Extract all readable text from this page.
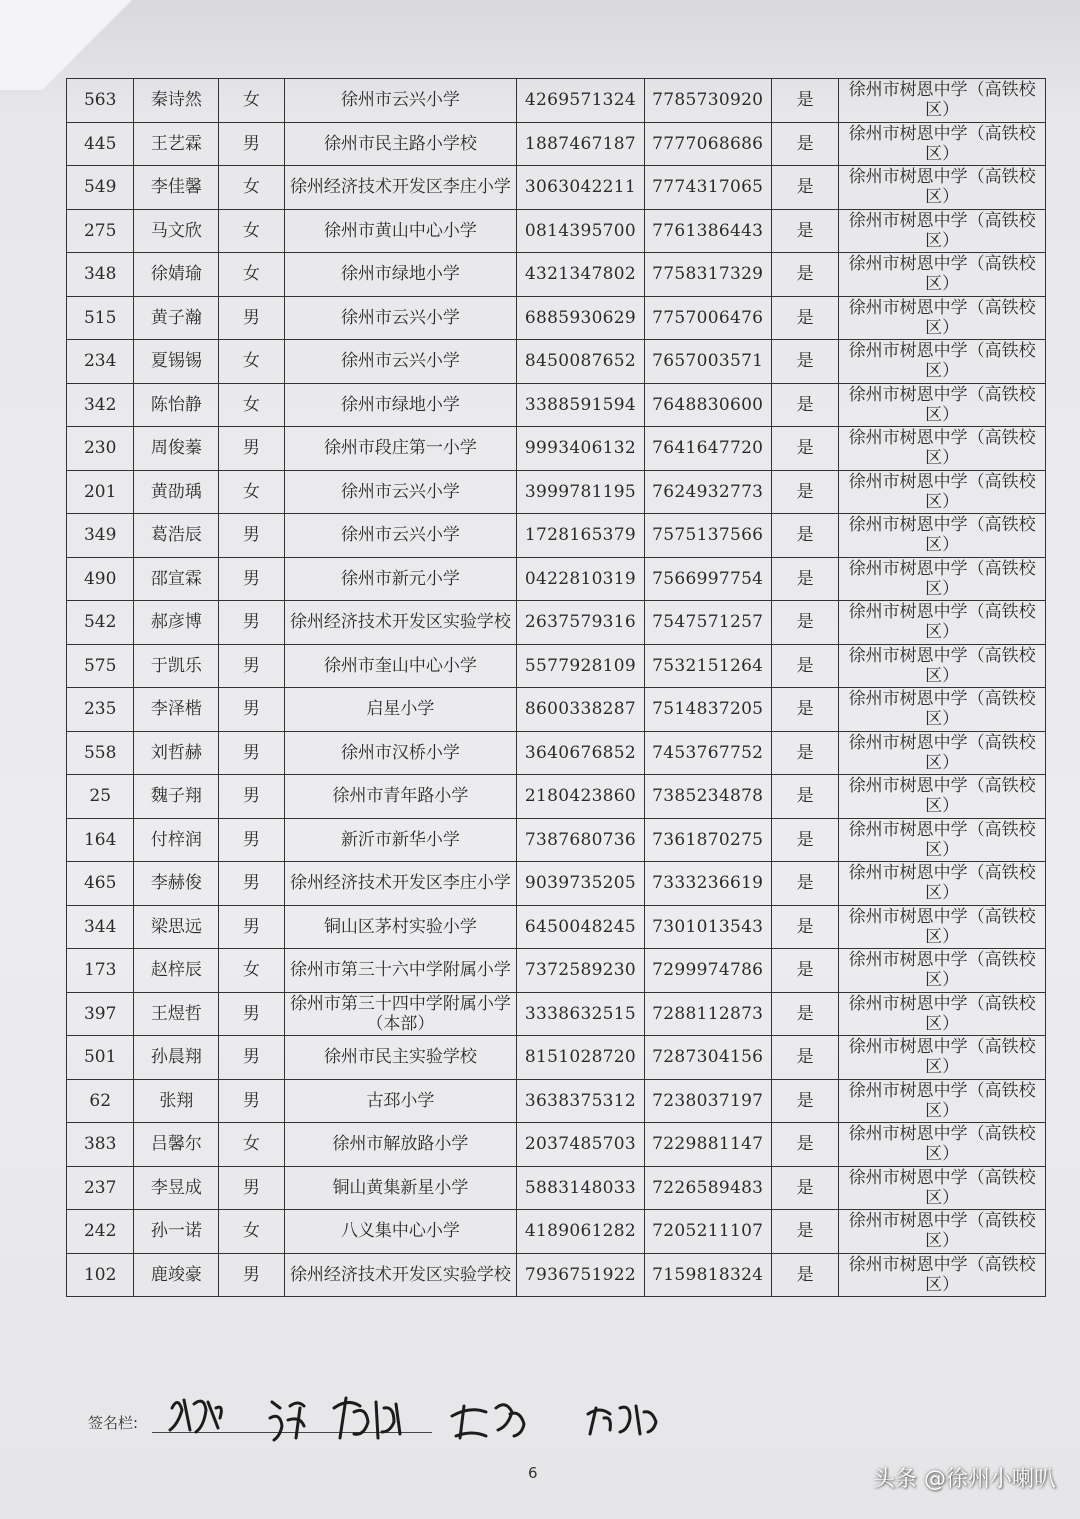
563	秦诗然	女	徐州市云兴小学	4269571324	7785730920	是	徐州市树恩中学（高铁校区）
445	王艺霖	男	徐州市民主路小学校	1887467187	7777068686	是	徐州市树恩中学（高铁校区）
549	李佳馨	女	徐州经济技术开发区李庄小学	3063042211	7774317065	是	徐州市树恩中学（高铁校区）
275	马文欣	女	徐州市黄山中心小学	0814395700	7761386443	是	徐州市树恩中学（高铁校区）
348	徐婧瑜	女	徐州市绿地小学	4321347802	7758317329	是	徐州市树恩中学（高铁校区）
515	黄子瀚	男	徐州市云兴小学	6885930629	7757006476	是	徐州市树恩中学（高铁校区）
234	夏锡锡	女	徐州市云兴小学	8450087652	7657003571	是	徐州市树恩中学（高铁校区）
342	陈怡静	女	徐州市绿地小学	3388591594	7648830600	是	徐州市树恩中学（高铁校区）
230	周俊蓁	男	徐州市段庄第一小学	9993406132	7641647720	是	徐州市树恩中学（高铁校区）
201	黄劭瑀	女	徐州市云兴小学	3999781195	7624932773	是	徐州市树恩中学（高铁校区）
349	葛浩辰	男	徐州市云兴小学	1728165379	7575137566	是	徐州市树恩中学（高铁校区）
490	邵宣霖	男	徐州市新元小学	0422810319	7566997754	是	徐州市树恩中学（高铁校区）
542	郝彦博	男	徐州经济技术开发区实验学校	2637579316	7547571257	是	徐州市树恩中学（高铁校区）
575	于凯乐	男	徐州市奎山中心小学	5577928109	7532151264	是	徐州市树恩中学（高铁校区）
235	李泽楷	男	启星小学	8600338287	7514837205	是	徐州市树恩中学（高铁校区）
558	刘哲赫	男	徐州市汉桥小学	3640676852	7453767752	是	徐州市树恩中学（高铁校区）
25	魏子翔	男	徐州市青年路小学	2180423860	7385234878	是	徐州市树恩中学（高铁校区）
164	付梓润	男	新沂市新华小学	7387680736	7361870275	是	徐州市树恩中学（高铁校区）
465	李赫俊	男	徐州经济技术开发区李庄小学	9039735205	7333236619	是	徐州市树恩中学（高铁校区）
344	梁思远	男	铜山区茅村实验小学	6450048245	7301013543	是	徐州市树恩中学（高铁校区）
173	赵梓辰	女	徐州市第三十六中学附属小学	7372589230	7299974786	是	徐州市树恩中学（高铁校区）
397	王煜哲	男	徐州市第三十四中学附属小学（本部）	3338632515	7288112873	是	徐州市树恩中学（高铁校区）
501	孙晨翔	男	徐州市民主实验学校	8151028720	7287304156	是	徐州市树恩中学（高铁校区）
62	张翔	男	古邳小学	3638375312	7238037197	是	徐州市树恩中学（高铁校区）
383	吕馨尔	女	徐州市解放路小学	2037485703	7229881147	是	徐州市树恩中学（高铁校区）
237	李昱成	男	铜山黄集新星小学	5883148033	7226589483	是	徐州市树恩中学（高铁校区）
242	孙一诺	女	八义集中心小学	4189061282	7205211107	是	徐州市树恩中学（高铁校区）
102	鹿竣豪	男	徐州经济技术开发区实验学校	7936751922	7159818324	是	徐州市树恩中学（高铁校区）
签名栏:
6	头条 @徐州小喇叭
